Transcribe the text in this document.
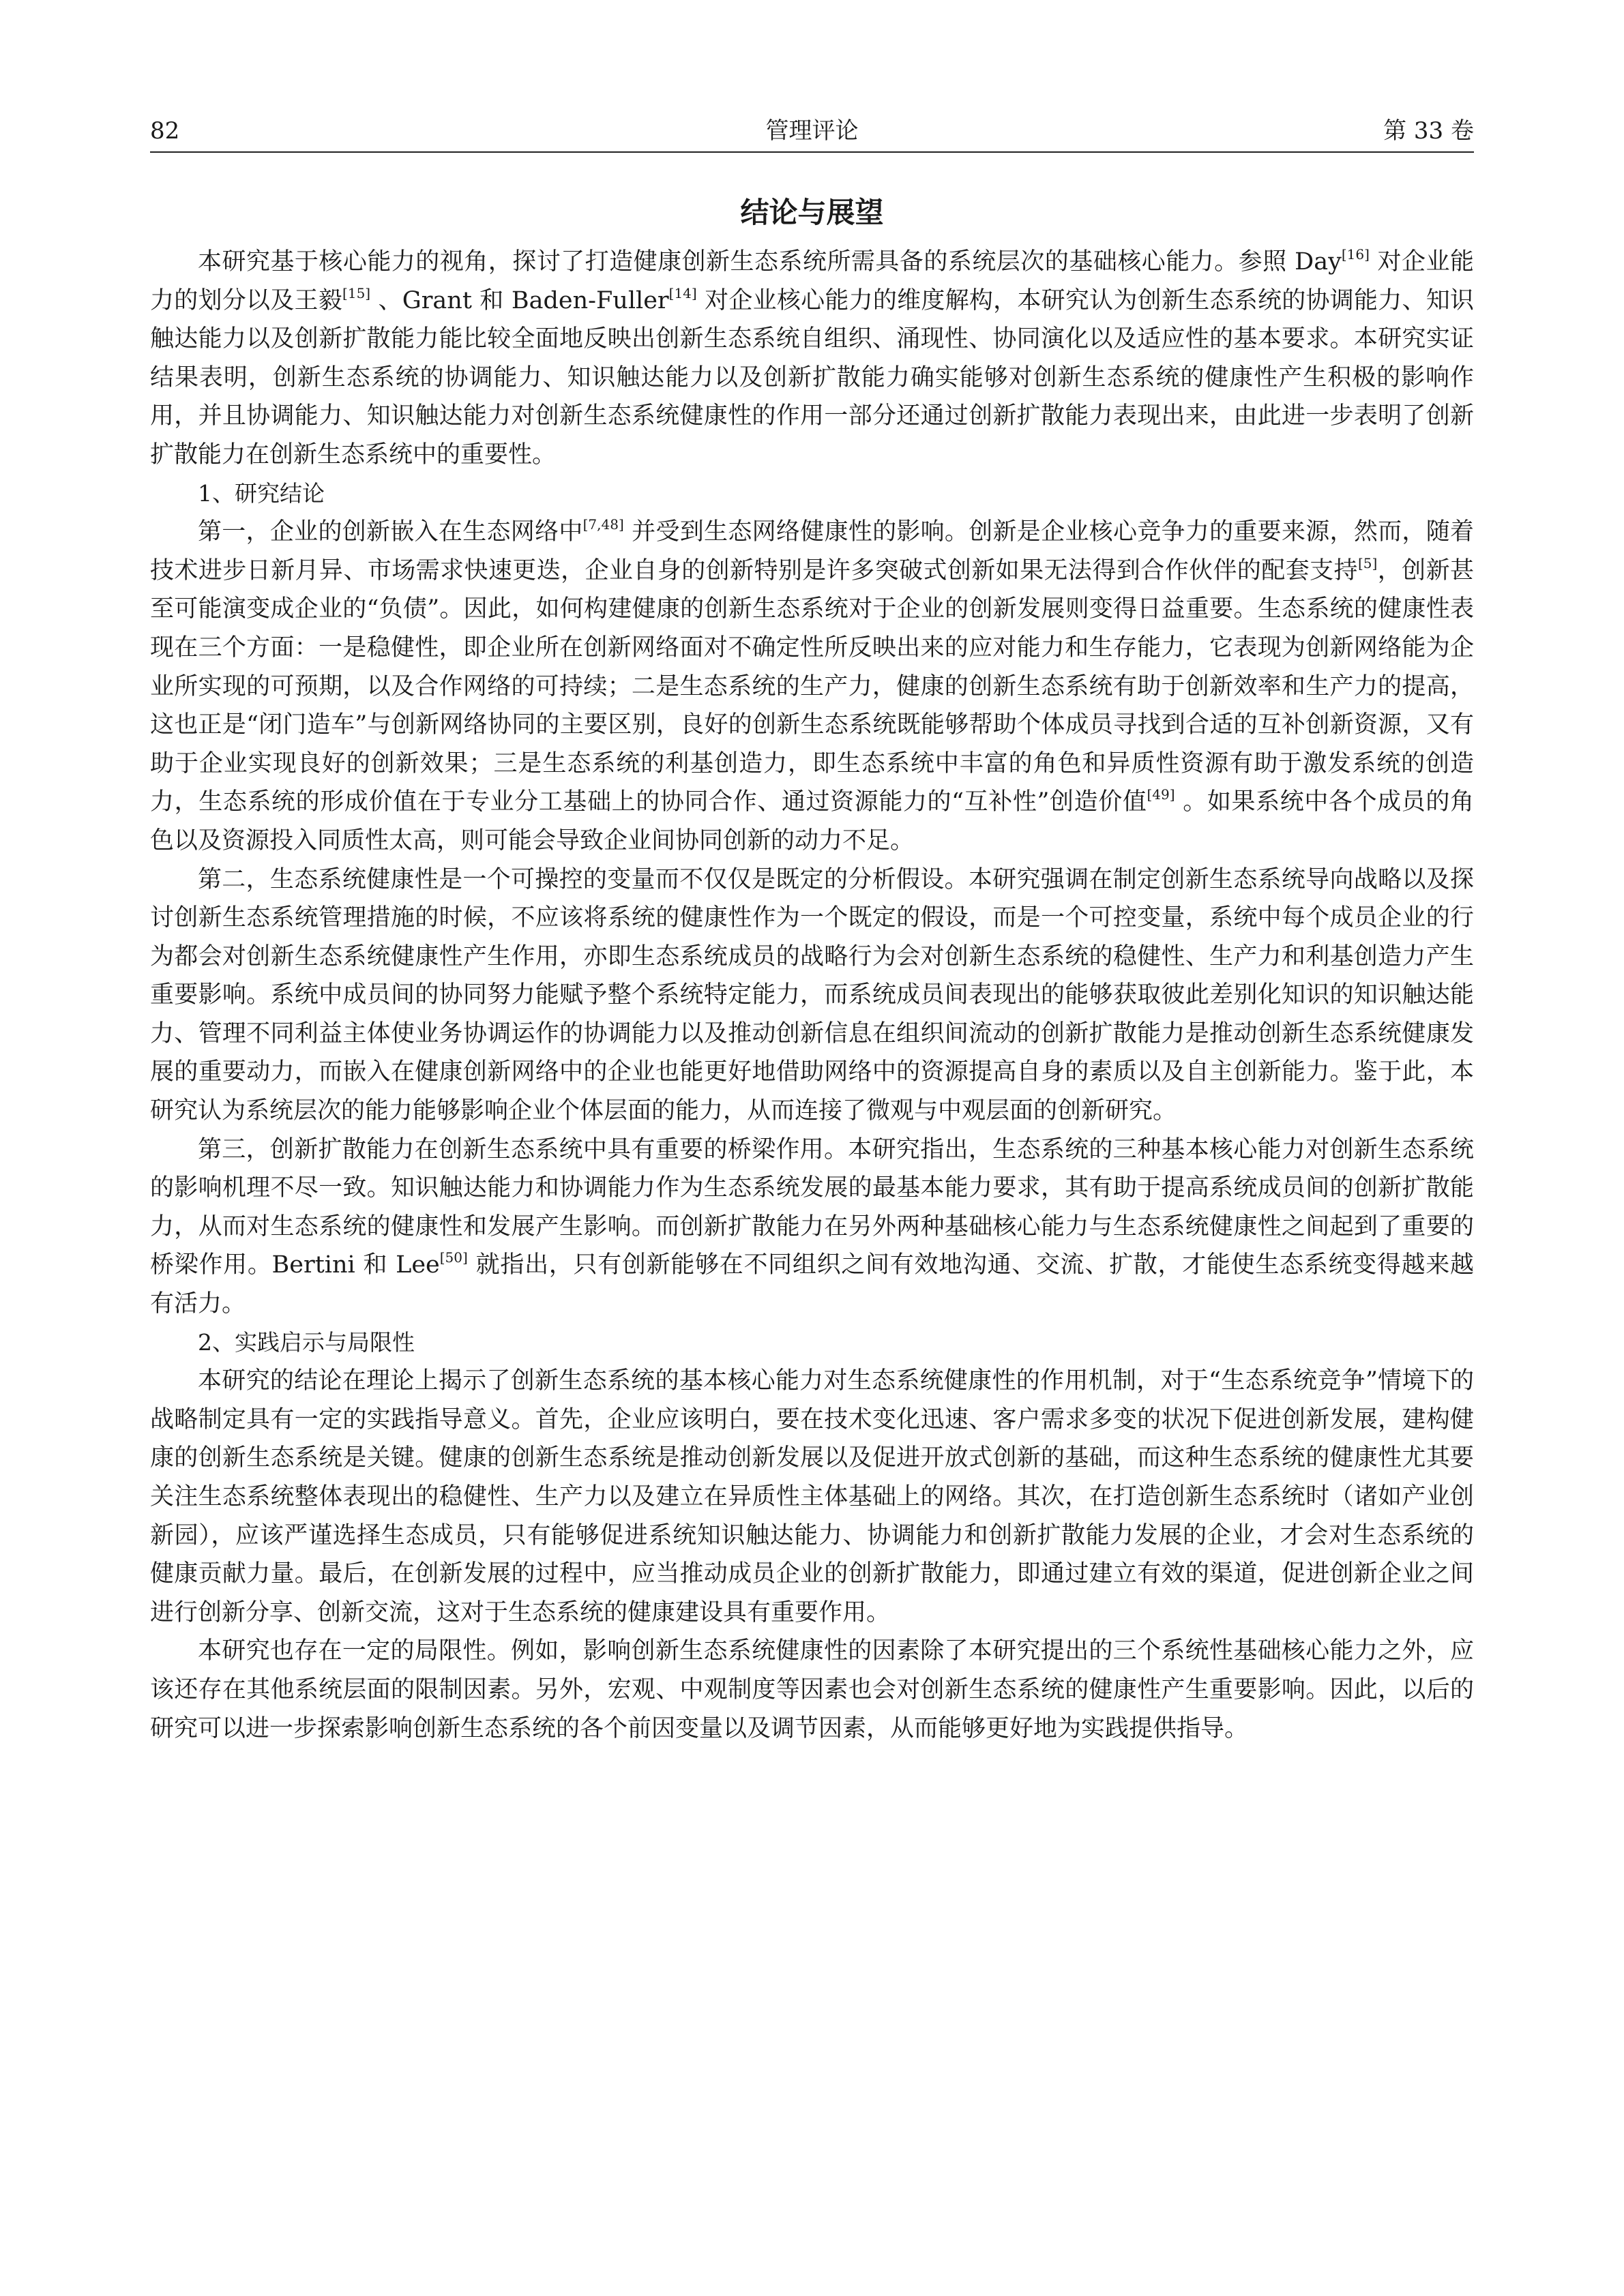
82	管理评论	第 33 卷
结论与展望

本研究基于核心能力的视角，探讨了打造健康创新生态系统所需具备的系统层次的基础核心能力。参照 Day[16] 对企业能力的划分以及王毅[15] 、Grant 和 Baden-Fuller[14] 对企业核心能力的维度解构，本研究认为创新生态系统的协调能力、知识触达能力以及创新扩散能力能比较全面地反映出创新生态系统自组织、涌现性、协同演化以及适应性的基本要求。本研究实证结果表明，创新生态系统的协调能力、知识触达能力以及创新扩散能力确实能够对创新生态系统的健康性产生积极的影响作用，并且协调能力、知识触达能力对创新生态系统健康性的作用一部分还通过创新扩散能力表现出来，由此进一步表明了创新扩散能力在创新生态系统中的重要性。

1、研究结论

第一，企业的创新嵌入在生态网络中[7,48] 并受到生态网络健康性的影响。创新是企业核心竞争力的重要来源，然而，随着技术进步日新月异、市场需求快速更迭，企业自身的创新特别是许多突破式创新如果无法得到合作伙伴的配套支持[5]，创新甚至可能演变成企业的“负债”。因此，如何构建健康的创新生态系统对于企业的创新发展则变得日益重要。生态系统的健康性表现在三个方面：一是稳健性，即企业所在创新网络面对不确定性所反映出来的应对能力和生存能力，它表现为创新网络能为企业所实现的可预期，以及合作网络的可持续；二是生态系统的生产力，健康的创新生态系统有助于创新效率和生产力的提高，这也正是“闭门造车”与创新网络协同的主要区别，良好的创新生态系统既能够帮助个体成员寻找到合适的互补创新资源，又有助于企业实现良好的创新效果；三是生态系统的利基创造力，即生态系统中丰富的角色和异质性资源有助于激发系统的创造力，生态系统的形成价值在于专业分工基础上的协同合作、通过资源能力的“互补性”创造价值[49] 。如果系统中各个成员的角色以及资源投入同质性太高，则可能会导致企业间协同创新的动力不足。

第二，生态系统健康性是一个可操控的变量而不仅仅是既定的分析假设。本研究强调在制定创新生态系统导向战略以及探讨创新生态系统管理措施的时候，不应该将系统的健康性作为一个既定的假设，而是一个可控变量，系统中每个成员企业的行为都会对创新生态系统健康性产生作用，亦即生态系统成员的战略行为会对创新生态系统的稳健性、生产力和利基创造力产生重要影响。系统中成员间的协同努力能赋予整个系统特定能力，而系统成员间表现出的能够获取彼此差别化知识的知识触达能力、管理不同利益主体使业务协调运作的协调能力以及推动创新信息在组织间流动的创新扩散能力是推动创新生态系统健康发展的重要动力，而嵌入在健康创新网络中的企业也能更好地借助网络中的资源提高自身的素质以及自主创新能力。鉴于此，本研究认为系统层次的能力能够影响企业个体层面的能力，从而连接了微观与中观层面的创新研究。

第三，创新扩散能力在创新生态系统中具有重要的桥梁作用。本研究指出，生态系统的三种基本核心能力对创新生态系统的影响机理不尽一致。知识触达能力和协调能力作为生态系统发展的最基本能力要求，其有助于提高系统成员间的创新扩散能力，从而对生态系统的健康性和发展产生影响。而创新扩散能力在另外两种基础核心能力与生态系统健康性之间起到了重要的桥梁作用。Bertini 和 Lee[50] 就指出，只有创新能够在不同组织之间有效地沟通、交流、扩散，才能使生态系统变得越来越有活力。

2、实践启示与局限性

本研究的结论在理论上揭示了创新生态系统的基本核心能力对生态系统健康性的作用机制，对于“生态系统竞争”情境下的战略制定具有一定的实践指导意义。首先，企业应该明白，要在技术变化迅速、客户需求多变的状况下促进创新发展，建构健康的创新生态系统是关键。健康的创新生态系统是推动创新发展以及促进开放式创新的基础，而这种生态系统的健康性尤其要关注生态系统整体表现出的稳健性、生产力以及建立在异质性主体基础上的网络。其次，在打造创新生态系统时（诸如产业创新园），应该严谨选择生态成员，只有能够促进系统知识触达能力、协调能力和创新扩散能力发展的企业，才会对生态系统的健康贡献力量。最后，在创新发展的过程中，应当推动成员企业的创新扩散能力，即通过建立有效的渠道，促进创新企业之间进行创新分享、创新交流，这对于生态系统的健康建设具有重要作用。

本研究也存在一定的局限性。例如，影响创新生态系统健康性的因素除了本研究提出的三个系统性基础核心能力之外，应该还存在其他系统层面的限制因素。另外，宏观、中观制度等因素也会对创新生态系统的健康性产生重要影响。因此，以后的研究可以进一步探索影响创新生态系统的各个前因变量以及调节因素，从而能够更好地为实践提供指导。
